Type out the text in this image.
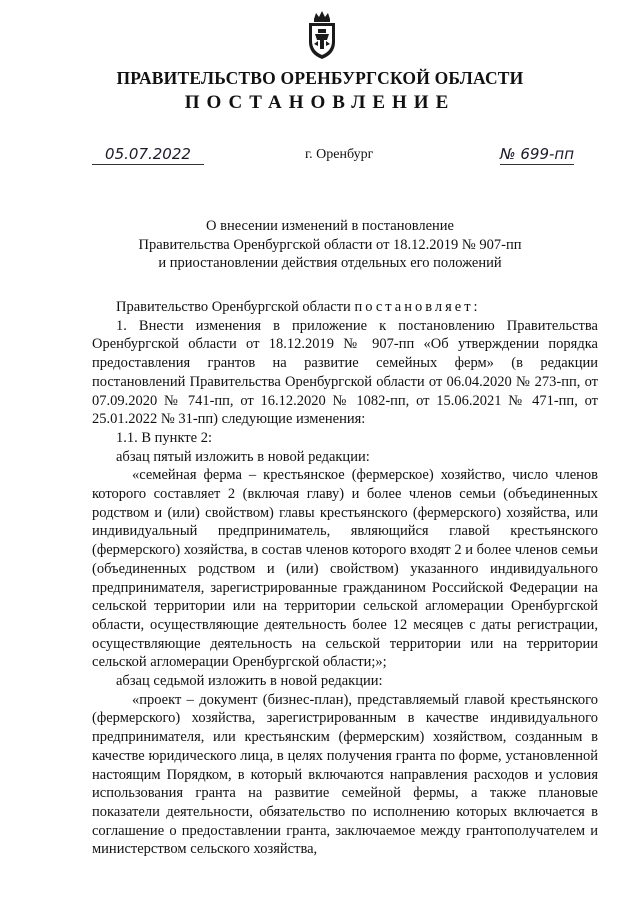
ПРАВИТЕЛЬСТВО ОРЕНБУРГСКОЙ ОБЛАСТИ
ПОСТАНОВЛЕНИЕ
05.07.2022	г. Оренбург	№ 699-пп
О внесении изменений в постановление
Правительства Оренбургской области от 18.12.2019 № 907-пп
и приостановлении действия отдельных его положений

Правительство Оренбургской области постановляет:

1. Внести изменения в приложение к постановлению Правительства Оренбургской области от 18.12.2019 № 907-пп «Об утверждении порядка предоставления грантов на развитие семейных ферм» (в редакции постановлений Правительства Оренбургской области от 06.04.2020 № 273-пп, от 07.09.2020 № 741-пп, от 16.12.2020 № 1082-пп, от 15.06.2021 № 471-пп, от 25.01.2022 № 31-пп) следующие изменения:

1.1. В пункте 2:

абзац пятый изложить в новой редакции:

«семейная ферма – крестьянское (фермерское) хозяйство, число членов которого составляет 2 (включая главу) и более членов семьи (объединенных родством и (или) свойством) главы крестьянского (фермерского) хозяйства, или индивидуальный предприниматель, являющийся главой крестьянского (фермерского) хозяйства, в состав членов которого входят 2 и более членов семьи (объединенных родством и (или) свойством) указанного индивидуального предпринимателя, зарегистрированные гражданином Российской Федерации на сельской территории или на территории сельской агломерации Оренбургской области, осуществляющие деятельность более 12 месяцев с даты регистрации, осуществляющие деятельность на сельской территории или на территории сельской агломерации Оренбургской области;»;

абзац седьмой изложить в новой редакции:

«проект – документ (бизнес-план), представляемый главой крестьянского (фермерского) хозяйства, зарегистрированным в качестве индивидуального предпринимателя, или крестьянским (фермерским) хозяйством, созданным в качестве юридического лица, в целях получения гранта по форме, установленной настоящим Порядком, в который включаются направления расходов и условия использования гранта на развитие семейной фермы, а также плановые показатели деятельности, обязательство по исполнению которых включается в соглашение о предоставлении гранта, заключаемое между грантополучателем и министерством сельского хозяйства,
